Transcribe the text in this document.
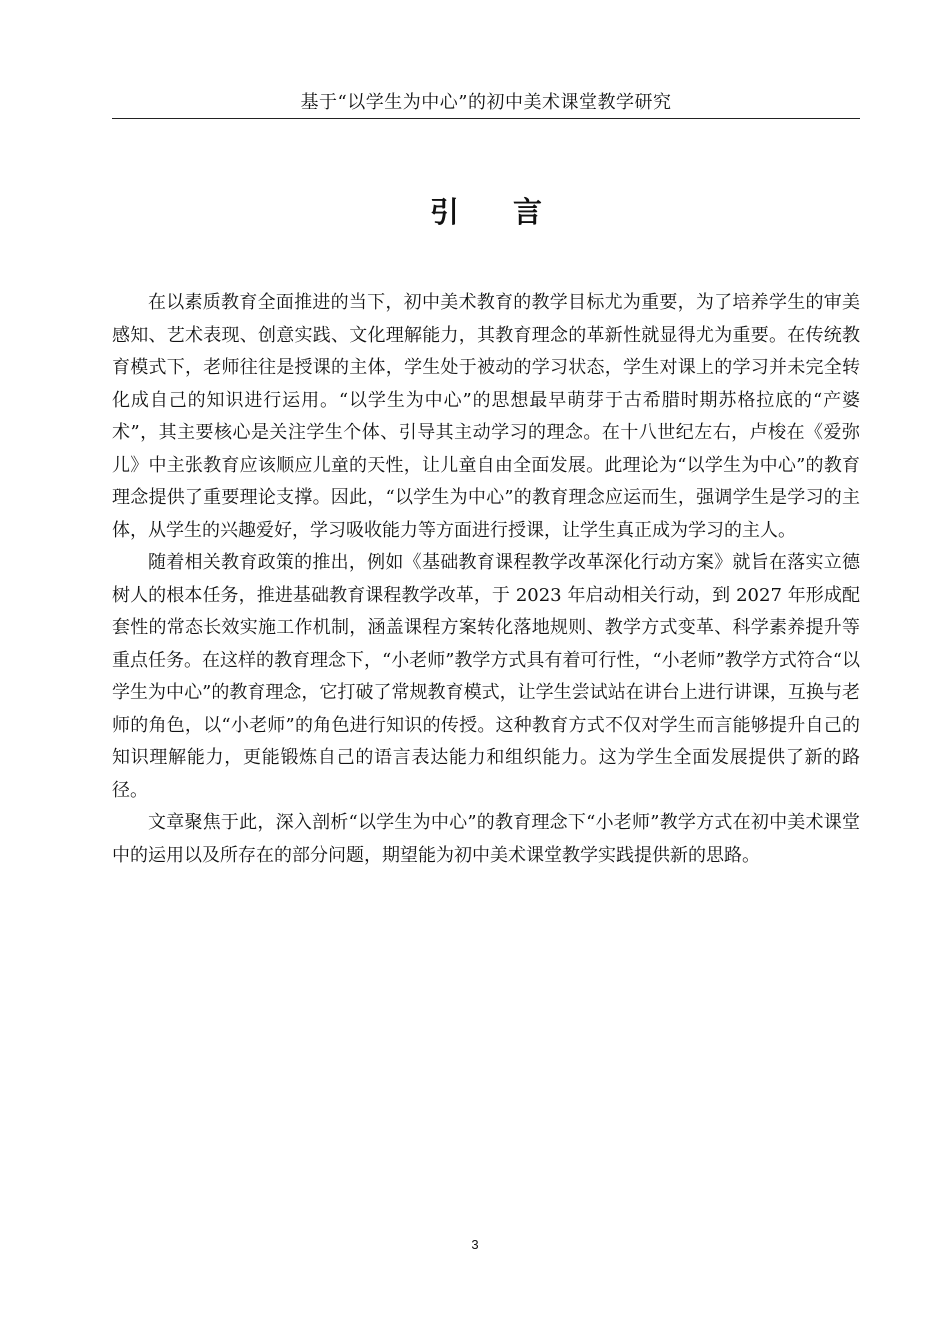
基于“以学生为中心”的初中美术课堂教学研究
引 言

在以素质教育全面推进的当下，初中美术教育的教学目标尤为重要，为了培养学生的审美感知、艺术表现、创意实践、文化理解能力，其教育理念的革新性就显得尤为重要。在传统教育模式下，老师往往是授课的主体，学生处于被动的学习状态，学生对课上的学习并未完全转化成自己的知识进行运用。“以学生为中心”的思想最早萌芽于古希腊时期苏格拉底的“产婆术”，其主要核心是关注学生个体、引导其主动学习的理念。在十八世纪左右，卢梭在《爱弥儿》中主张教育应该顺应儿童的天性，让儿童自由全面发展。此理论为“以学生为中心”的教育理念提供了重要理论支撑。因此，“以学生为中心”的教育理念应运而生，强调学生是学习的主体，从学生的兴趣爱好，学习吸收能力等方面进行授课，让学生真正成为学习的主人。

随着相关教育政策的推出，例如《基础教育课程教学改革深化行动方案》就旨在落实立德树人的根本任务，推进基础教育课程教学改革，于 2023 年启动相关行动，到 2027 年形成配套性的常态长效实施工作机制，涵盖课程方案转化落地规则、教学方式变革、科学素养提升等重点任务。在这样的教育理念下，“小老师”教学方式具有着可行性，“小老师”教学方式符合“以学生为中心”的教育理念，它打破了常规教育模式，让学生尝试站在讲台上进行讲课，互换与老师的角色，以“小老师”的角色进行知识的传授。这种教育方式不仅对学生而言能够提升自己的知识理解能力，更能锻炼自己的语言表达能力和组织能力。这为学生全面发展提供了新的路径。

文章聚焦于此，深入剖析“以学生为中心”的教育理念下“小老师”教学方式在初中美术课堂中的运用以及所存在的部分问题，期望能为初中美术课堂教学实践提供新的思路。

3
